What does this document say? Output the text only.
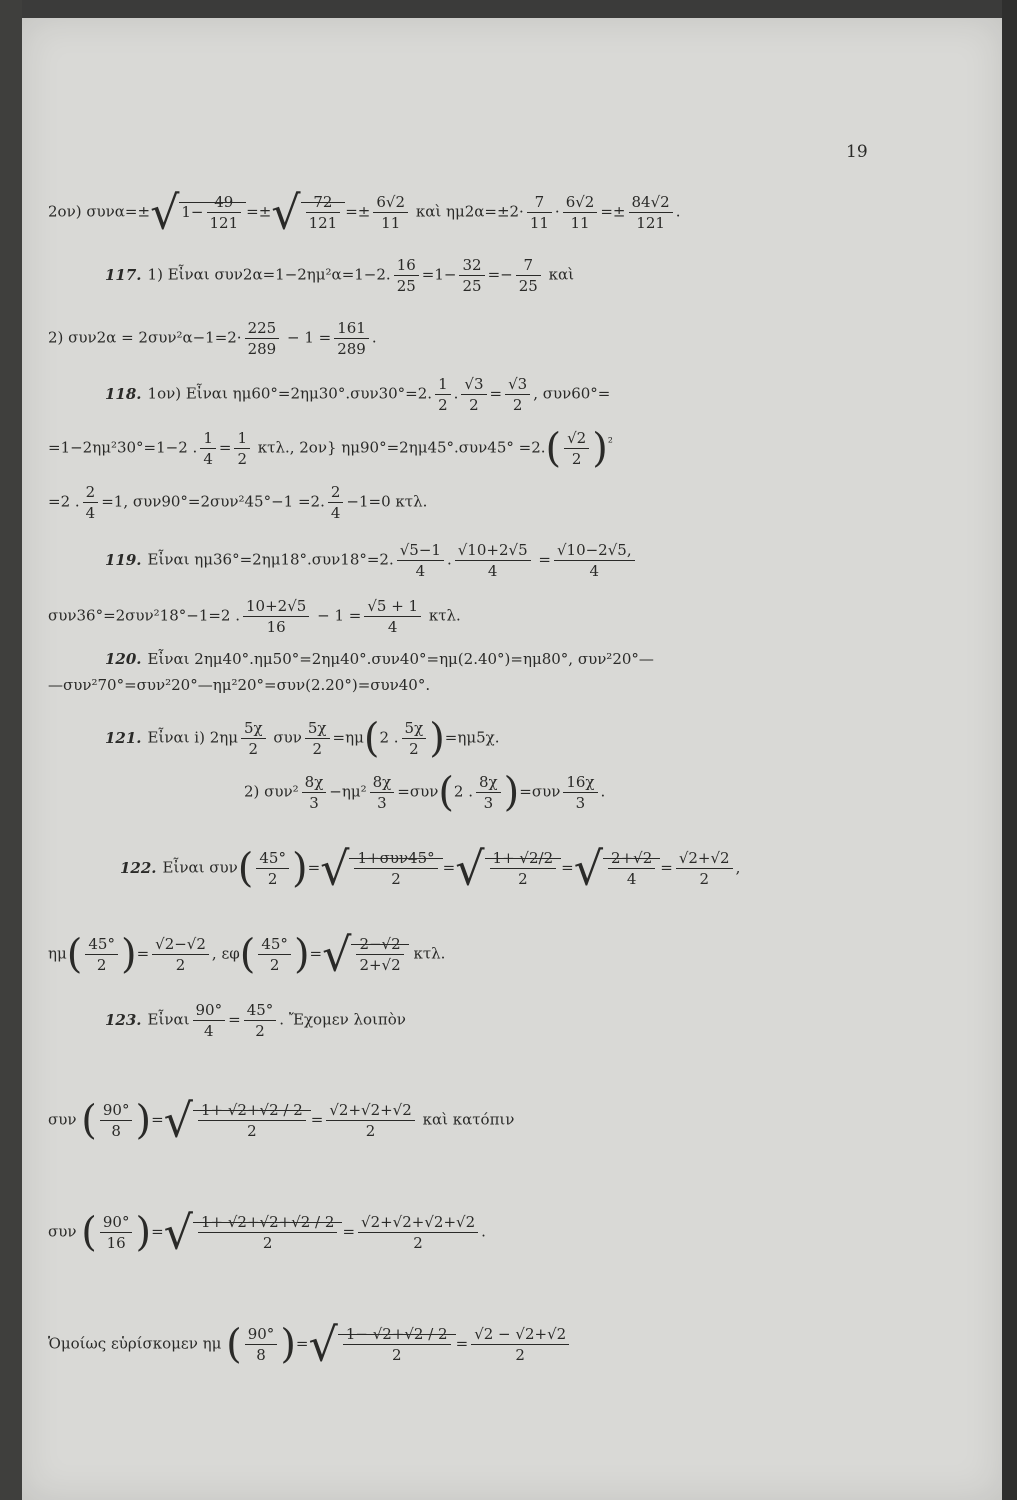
19
2ον) συνα=±√ $1- \frac{49}{121}$ =±√ $\frac{72}{121} =\pm \frac{6√2}{11}$ καὶ $\eta\mu 2\alpha=\pm 2\cdot \frac{7}{11} \cdot \frac{6√2}{11} =\pm \frac{84√2}{121}$ .
117. 1) Εἶναι συν2α=1−2ημ²α=1−2. $\frac{16}{25} =1- \frac{32}{25} =- \frac{7}{25}$ καὶ
2) $\sigma\upsilon\nu 2\alpha = 2\sigma\upsilon\nu^2\alpha-1=2\cdot \frac{225}{289} - 1 = \frac{161}{289}$ .
118. 1ον) Εἶναι ημ60°=2ημ30°.συν30°=2. $\frac{1}{2}$ . $\frac{√3}{2} = \frac{√3}{2}$ , συν60°=
=1−2ημ²30°=1−2 . $\frac{1}{4} = \frac{1}{2} \kappa\tau\lambda$., 2ον} $\eta\mu 90^\circ=2\eta\mu 45^\circ.\sigma\upsilon\nu 45^\circ =2.( \frac{√2}{2} )^{^2}$
=2 . $\frac{2}{4} =1$, συν90°=2συν²45°−1 =2. $\frac{2}{4} -1=0$ κτλ.
119. Εἶναι ημ36°=2ημ18°.συν18°=2. $\frac{√5-1}{4}$ . $\frac{√10+2√5}{4} = \frac{√10-2√5,}{4}$
συν36°=2συν²18°−1=2 . $\frac{10+2√5}{16} - 1 = \frac{√5 + 1}{4} \kappa\tau\lambda$.
120. Εἶναι 2ημ40°.ημ50°=2ημ40°.συν40°=ημ(2.40°)=ημ80°, συν²20°—
—συν²70°=συν²20°—ημ²20°=συν(2.20°)=συν40°.
121. Εἶναι i) $2\eta\mu \frac{5\chi}{2}$ συν $\frac{5\chi}{2} =\eta\mu(2$ . $\frac{5\chi}{2} )=\eta\mu 5\chi$.
2) $\sigma\upsilon\nu^2 \frac{8\chi}{3} -\eta\mu^2 \frac{8\chi}{3} =\sigma\upsilon\nu(2$ . $\frac{8\chi}{3} )=\sigma\upsilon\nu \frac{16\chi}{3}$ .
122. Εἶναι $\sigma\upsilon\nu( \frac{45^\circ}{2}$ )=√ $\frac{\text{1+συν45°}}{2}$ =√ $\frac{1+ √2/2}{2}$ =√ $\frac{2+√2}{4} = \frac{√2+√2}{2}$ ,
$\eta\mu( \frac{45^\circ}{2}$ )= $\frac{√2-√2}{2}$ , $\varepsilon\varphi( \frac{45^\circ}{2}$ )=√ $\frac{2-√2}{2+√2} \kappa\tau\lambda$.
123. Εἶναι $\frac{90^\circ}{4} = \frac{45^\circ}{2}$ . Ἔχομεν λοιπὸν
συν ( $\frac{90^\circ}{8}$ )=√ $\frac{1+ √2+√2 / 2}{2} = \frac{√2+√2+√2}{2}$ καὶ κατόπιν
συν ( $\frac{90^\circ}{16}$ )=√ $\frac{1+ √2+√2+√2 / 2}{2} = \frac{√2+√2+√2+√2}{2}$ .
Ὁμοίως εὑρίσκομεν ημ ( $\frac{90^\circ}{8}$ )=√ $\frac{1- √2+√2 / 2}{2} = \frac{√2 - √2+√2}{2}$
